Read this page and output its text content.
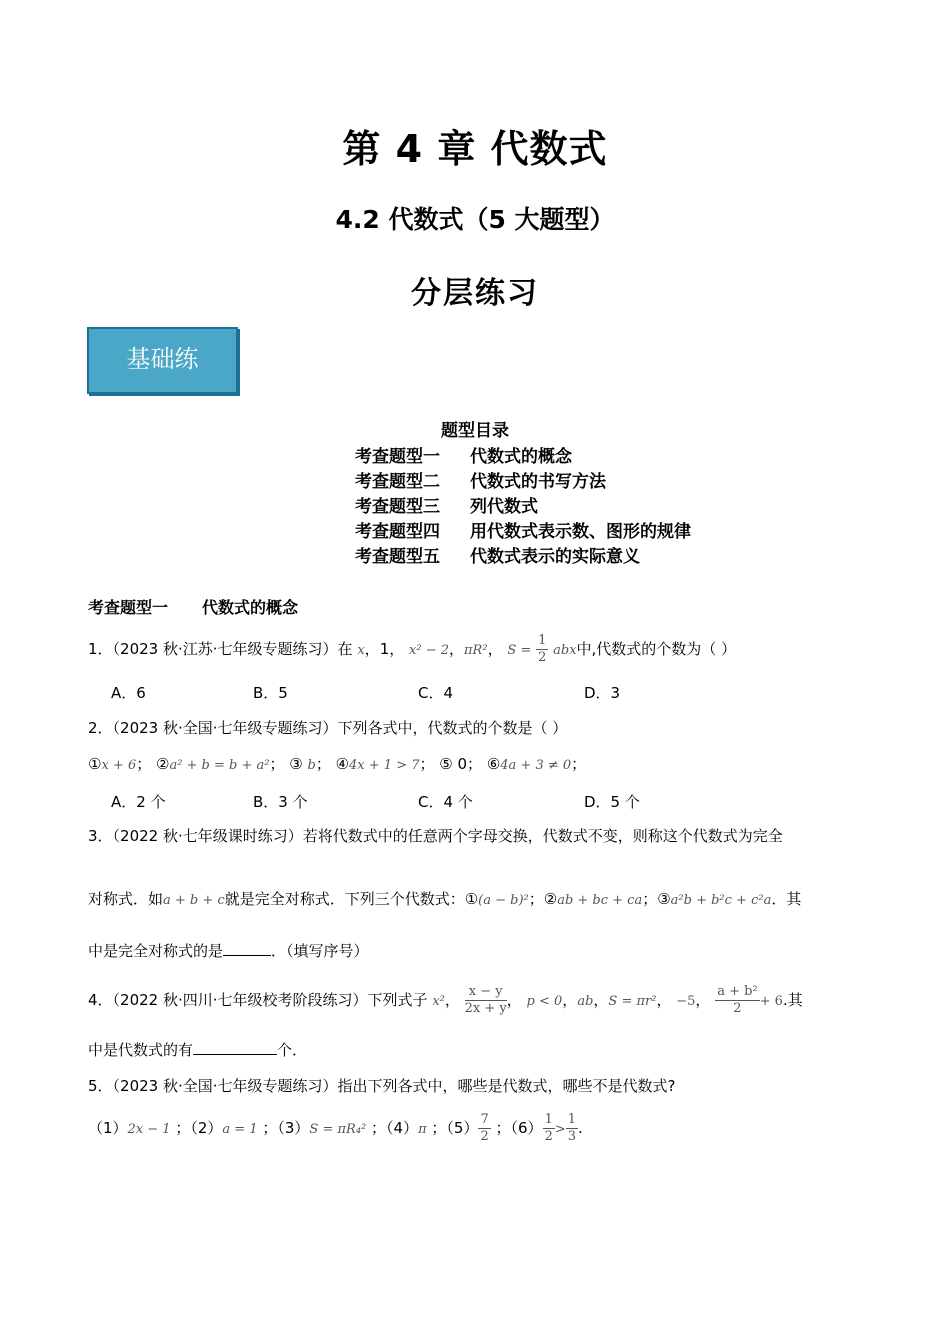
第 4 章 代数式
4.2 代数式（5 大题型）
分层练习
基础练
题型目录
考查题型一 代数式的概念
考查题型二 代数式的书写方法
考查题型三 列代数式
考查题型四 用代数式表示数、图形的规律
考查题型五 代数式表示的实际意义
考查题型一 代数式的概念
1．（2023 秋·江苏·七年级专题练习）在 x，1， x² − 2，πR²， $S = \frac{1}{2}$ abx中,代数式的个数为（ ）
A．6	B．5	C．4	D．3
2．（2023 秋·全国·七年级专题练习）下列各式中，代数式的个数是（ ）
①x + 6； ②a² + b = b + a²； ③ b； ④4x + 1 > 7； ⑤ 0； ⑥4a + 3 ≠ 0；
A．2 个	B．3 个	C．4 个	D．5 个
3．（2022 秋·七年级课时练习）若将代数式中的任意两个字母交换，代数式不变，则称这个代数式为完全
对称式．如a + b + c就是完全对称式．下列三个代数式：①(a − b)²；②ab + bc + ca；③a²b + b²c + c²a．其
中是完全对称式的是	．（填写序号）
4．（2022 秋·四川·七年级校考阶段练习）下列式子 x²， $\frac{x - y}{2x + y}$ ， p < 0，ab，S = πr²， −5， $\frac{\text{a + b²}}{2} + 6$.其
中是代数式的有	个．
5．（2023 秋·全国·七年级专题练习）指出下列各式中，哪些是代数式，哪些不是代数式?
（1）2x − 1 ；（2）a = 1 ；（3）S = πR₄² ；（4）π ；$(5) \frac{7}{2}$ ；$(6) \frac{1}{2} > \frac{1}{3}$ .
